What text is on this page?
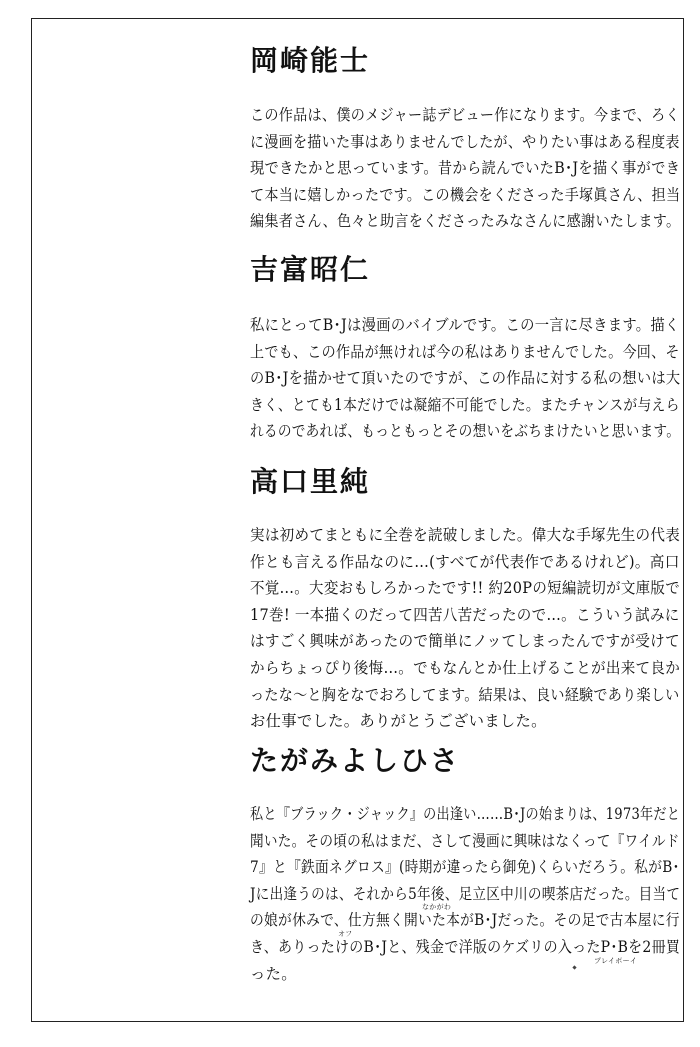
岡崎能士

この作品は、僕のメジャー誌デビュー作になります。今まで、ろく
に漫画を描いた事はありませんでしたが、やりたい事はある程度表
現できたかと思っています。昔から読んでいたB･Jを描く事ができ
て本当に嬉しかったです。この機会をくださった手塚眞さん、担当
編集者さん、色々と助言をくださったみなさんに感謝いたします。

吉富昭仁

私にとってB･Jは漫画のバイブルです。この一言に尽きます。描く
上でも、この作品が無ければ今の私はありませんでした。今回、そ
のB･Jを描かせて頂いたのですが、この作品に対する私の想いは大
きく、とても1本だけでは凝縮不可能でした。またチャンスが与えら
れるのであれば、もっともっとその想いをぶちまけたいと思います。

高口里純

実は初めてまともに全巻を読破しました。偉大な手塚先生の代表
作とも言える作品なのに…(すべてが代表作であるけれど)。高口
不覚…。大変おもしろかったです!! 約20Pの短編読切が文庫版で
17巻! 一本描くのだって四苦八苦だったので…。こういう試みに
はすごく興味があったので簡単にノッてしまったんですが受けて
からちょっぴり後悔…。でもなんとか仕上げることが出来て良か
ったな〜と胸をなでおろしてます。結果は、良い経験であり楽しい
お仕事でした。ありがとうございました。

たがみよしひさ

私と『ブラック・ジャック』の出逢い……B･Jの始まりは、1973年だと
聞いた。その頃の私はまだ、さして漫画に興味はなくって『ワイルド
7』と『鉄面ネグロス』(時期が違ったら御免)くらいだろう。私がB･
Jに出逢うのは、それから5年後、足立区中川の喫茶店だった。目当て
の娘が休みで、仕方無く開いた本がB･Jだった。その足で古本屋に行
き、ありったけのB･Jと、残金で洋版のケズリの入ったP･Bを2冊買
った。
なかがわ
オフ
プレイボーイ
